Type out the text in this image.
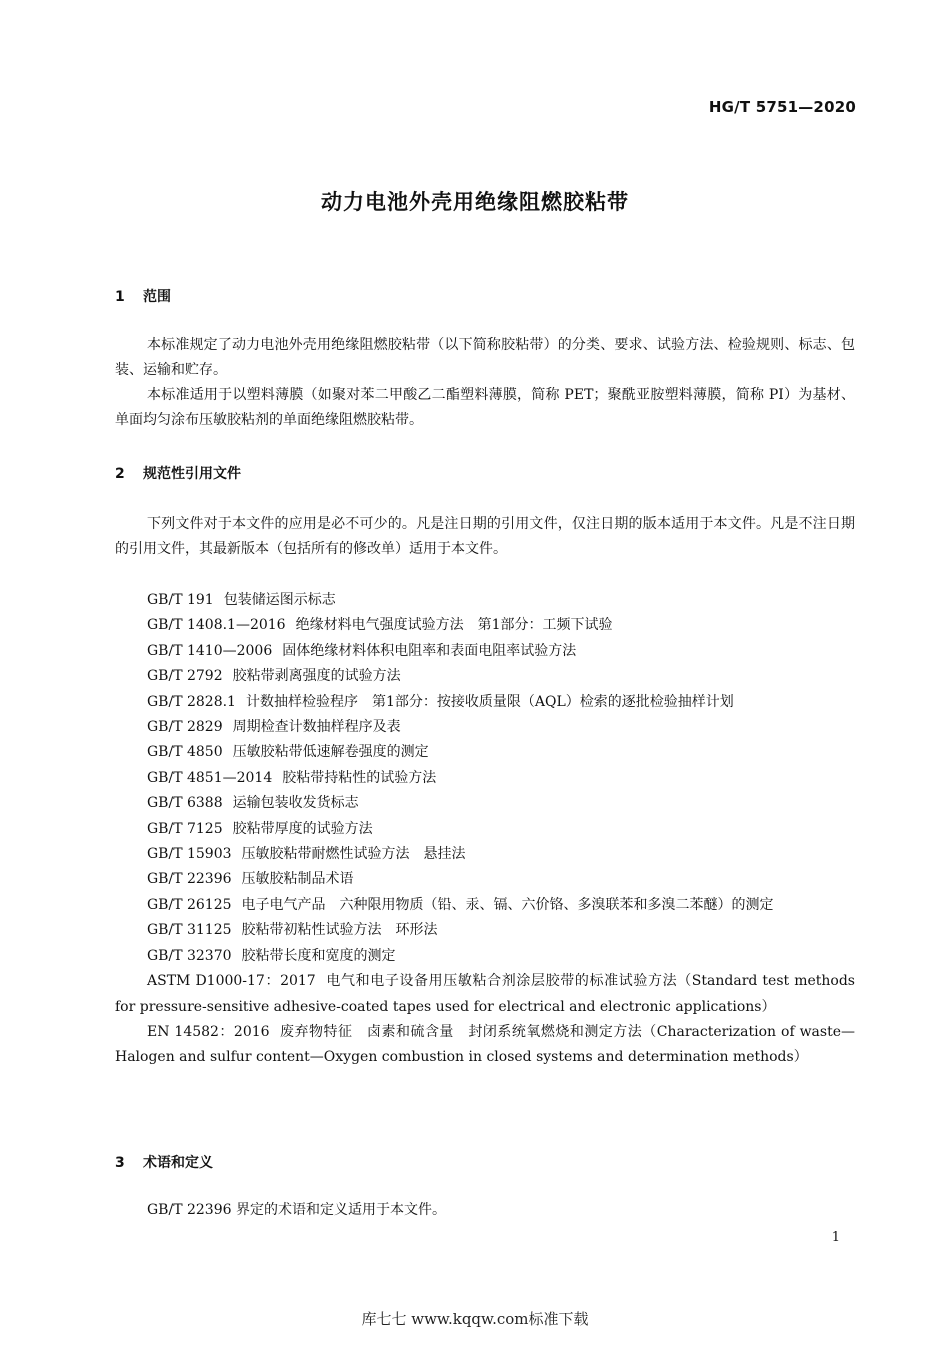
HG/T 5751—2020
动力电池外壳用绝缘阻燃胶粘带
1 范围

本标准规定了动力电池外壳用绝缘阻燃胶粘带（以下简称胶粘带）的分类、要求、试验方法、检验规则、标志、包装、运输和贮存。

本标准适用于以塑料薄膜（如聚对苯二甲酸乙二酯塑料薄膜，简称 PET；聚酰亚胺塑料薄膜，简称 PI）为基材、单面均匀涂布压敏胶粘剂的单面绝缘阻燃胶粘带。

2 规范性引用文件

下列文件对于本文件的应用是必不可少的。凡是注日期的引用文件，仅注日期的版本适用于本文件。凡是不注日期的引用文件，其最新版本（包括所有的修改单）适用于本文件。

GB/T 191 包装储运图示标志
GB/T 1408.1—2016 绝缘材料电气强度试验方法　第1部分：工频下试验
GB/T 1410—2006 固体绝缘材料体积电阻率和表面电阻率试验方法
GB/T 2792 胶粘带剥离强度的试验方法
GB/T 2828.1 计数抽样检验程序　第1部分：按接收质量限（AQL）检索的逐批检验抽样计划
GB/T 2829 周期检查计数抽样程序及表
GB/T 4850 压敏胶粘带低速解卷强度的测定
GB/T 4851—2014 胶粘带持粘性的试验方法
GB/T 6388 运输包装收发货标志
GB/T 7125 胶粘带厚度的试验方法
GB/T 15903 压敏胶粘带耐燃性试验方法　悬挂法
GB/T 22396 压敏胶粘制品术语
GB/T 26125 电子电气产品　六种限用物质（铅、汞、镉、六价铬、多溴联苯和多溴二苯醚）的测定
GB/T 31125 胶粘带初粘性试验方法　环形法
GB/T 32370 胶粘带长度和宽度的测定
ASTM D1000-17：2017 电气和电子设备用压敏粘合剂涂层胶带的标准试验方法（Standard test methods for pressure-sensitive adhesive-coated tapes used for electrical and electronic applications）
EN 14582：2016 废弃物特征　卤素和硫含量　封闭系统氧燃烧和测定方法（Characterization of waste—Halogen and sulfur content—Oxygen combustion in closed systems and determination methods）
3 术语和定义

GB/T 22396 界定的术语和定义适用于本文件。

1
库七七 www.kqqw.com标准下载
